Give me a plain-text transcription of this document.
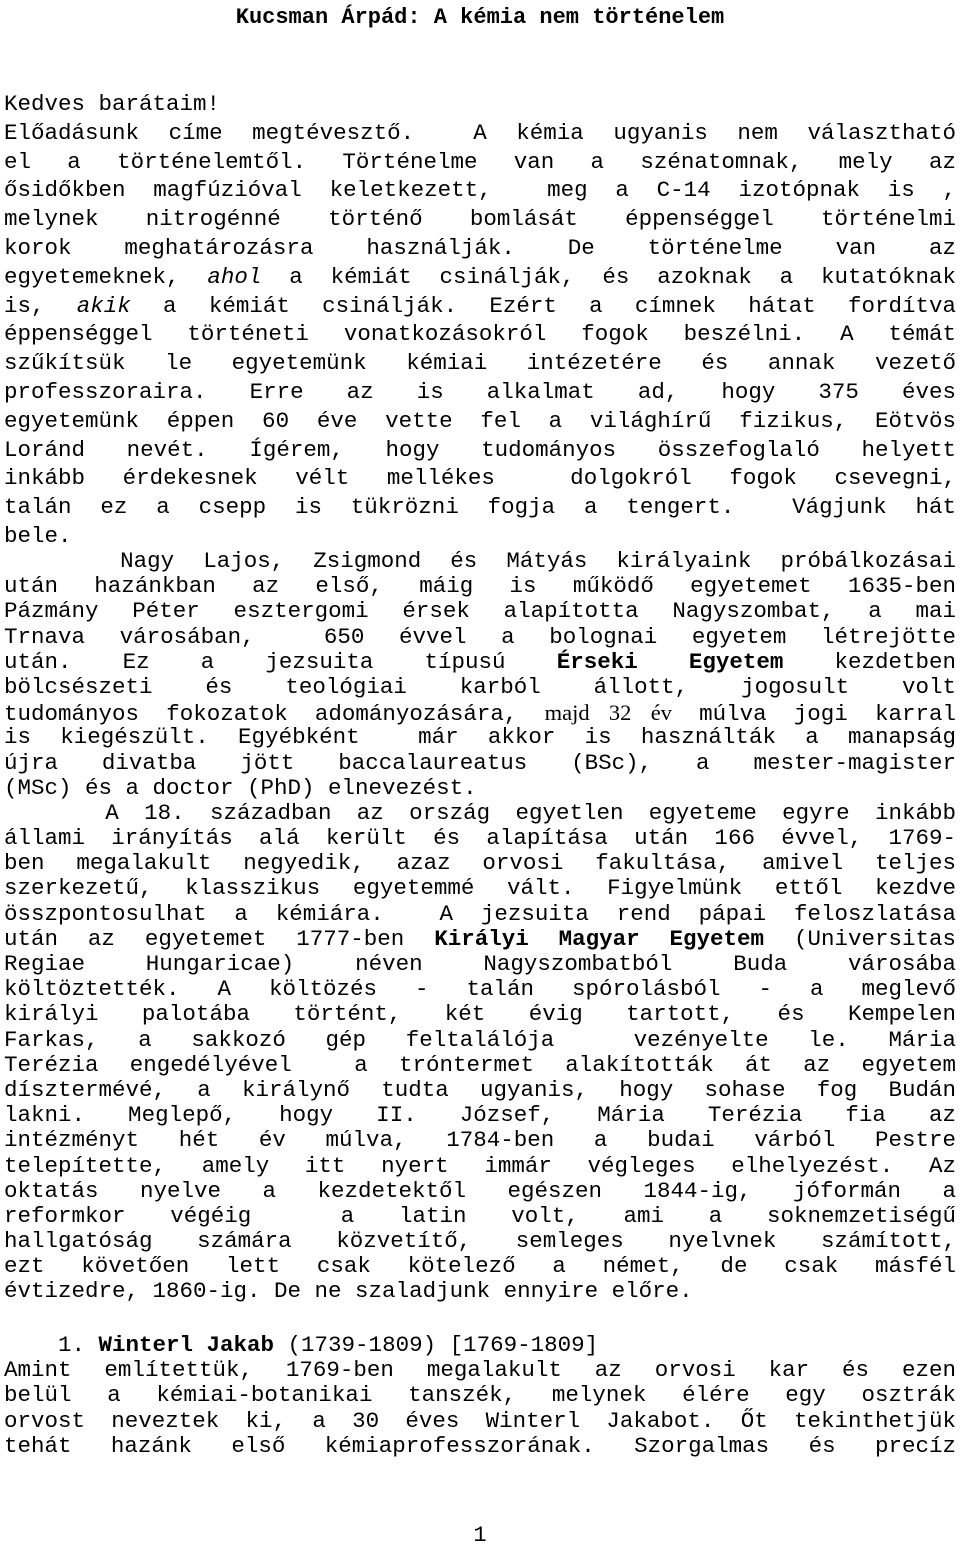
Kucsman Árpád: A kémia nem történelem
Kedves barátaim!
Előadásunk címe megtévesztő.  A kémia ugyanis nem választható
el a történelemtől. Történelme van a szénatomnak, mely az
ősidőkben magfúzióval keletkezett,  meg a C-14 izotópnak is ,
melynek nitrogénné történő bomlását éppenséggel történelmi
korok meghatározásra használják. De történelme van az
egyetemeknek, ahol a kémiát csinálják, és azoknak a kutatóknak
is, akik a kémiát csinálják. Ezért a címnek hátat fordítva
éppenséggel történeti vonatkozásokról fogok beszélni. A témát
szűkítsük le egyetemünk kémiai intézetére és annak vezető
professzoraira. Erre az is alkalmat ad, hogy 375 éves
egyetemünk éppen 60 éve vette fel a világhírű fizikus, Eötvös
Loránd nevét. Ígérem, hogy tudományos összefoglaló helyett
inkább érdekesnek vélt mellékes  dolgokról fogok csevegni,
talán ez a csepp is tükrözni fogja a tengert.  Vágjunk hát
bele.
Nagy Lajos, Zsigmond és Mátyás királyaink próbálkozásai
után hazánkban az első, máig is működő egyetemet 1635-ben
Pázmány Péter esztergomi érsek alapította Nagyszombat, a mai
Trnava városában,  650 évvel a bolognai egyetem létrejötte
után. Ez a jezsuita típusú Érseki Egyetem kezdetben
bölcsészeti és teológiai karból állott, jogosult volt
tudományos fokozatok adományozására, majd 32 év múlva jogi karral
is kiegészült. Egyébként  már akkor is használták a manapság
újra divatba jött baccalaureatus (BSc), a mester-magister
(MSc) és a doctor (PhD) elnevezést.
A 18. században az ország egyetlen egyeteme egyre inkább
állami irányítás alá került és alapítása után 166 évvel, 1769-
ben megalakult negyedik, azaz orvosi fakultása, amivel teljes
szerkezetű, klasszikus egyetemmé vált. Figyelmünk ettől kezdve
összpontosulhat a kémiára.  A jezsuita rend pápai feloszlatása
után az egyetemet 1777-ben Királyi Magyar Egyetem (Universitas
Regiae Hungaricae) néven Nagyszombatból Buda városába
költöztették. A költözés - talán spórolásból - a meglevő
királyi palotába történt, két évig tartott, és Kempelen
Farkas, a sakkozó gép feltalálója  vezényelte le. Mária
Terézia engedélyével  a tróntermet alakították át az egyetem
dísztermévé, a királynő tudta ugyanis, hogy sohase fog Budán
lakni. Meglepő, hogy II. József, Mária Terézia fia az
intézményt hét év múlva, 1784-ben a budai várból Pestre
telepítette, amely itt nyert immár végleges elhelyezést. Az
oktatás nyelve a kezdetektől egészen 1844-ig, jóformán a
reformkor végéig  a latin volt, ami a soknemzetiségű
hallgatóság számára közvetítő, semleges nyelvnek számított,
ezt követően lett csak kötelező a német, de csak másfél
évtizedre, 1860-ig. De ne szaladjunk ennyire előre.
1. Winterl Jakab (1739-1809) [1769-1809]
Amint említettük, 1769-ben megalakult az orvosi kar és ezen
belül a kémiai-botanikai tanszék, melynek élére egy osztrák
orvost neveztek ki, a 30 éves Winterl Jakabot. Őt tekinthetjük
tehát hazánk első kémiaprofesszorának. Szorgalmas és precíz
1
